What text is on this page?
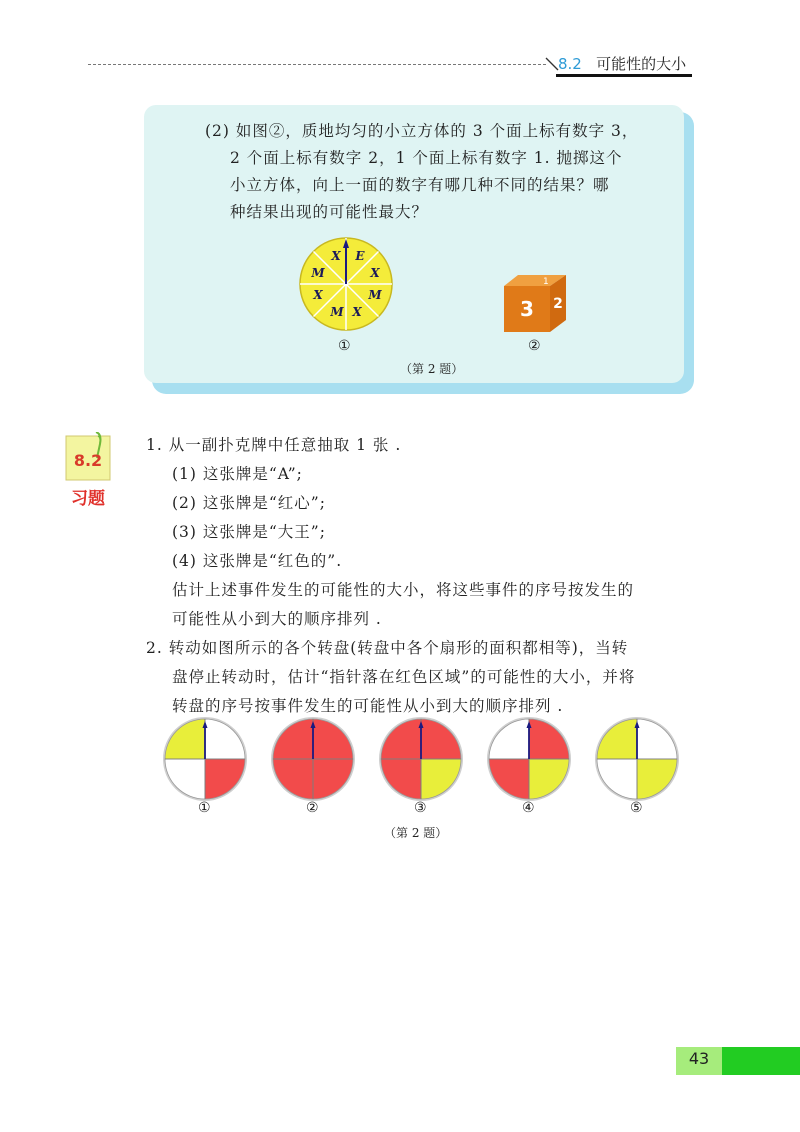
8.2 可能性的大小
(2) 如图②，质地均匀的小立方体的 3 个面上标有数字 3，
2 个面上标有数字 2，1 个面上标有数字 1. 抛掷这个
小立方体，向上一面的数字有哪几种不同的结果？哪
种结果出现的可能性最大？
X E
X
M
X
M
X
M
1
3 2
①	②
（第 2 题）
8.2
习题

1. 从一副扑克牌中任意抽取 1 张 .

(1) 这张牌是“A”;

(2) 这张牌是“红心”;

(3) 这张牌是“大王”;

(4) 这张牌是“红色的”.

估计上述事件发生的可能性的大小，将这些事件的序号按发生的

可能性从小到大的顺序排列 .

2. 转动如图所示的各个转盘(转盘中各个扇形的面积都相等)，当转

盘停止转动时，估计“指针落在红色区域”的可能性的大小，并将

转盘的序号按事件发生的可能性从小到大的顺序排列 .

①	②	③	④	⑤
（第 2 题）
43
